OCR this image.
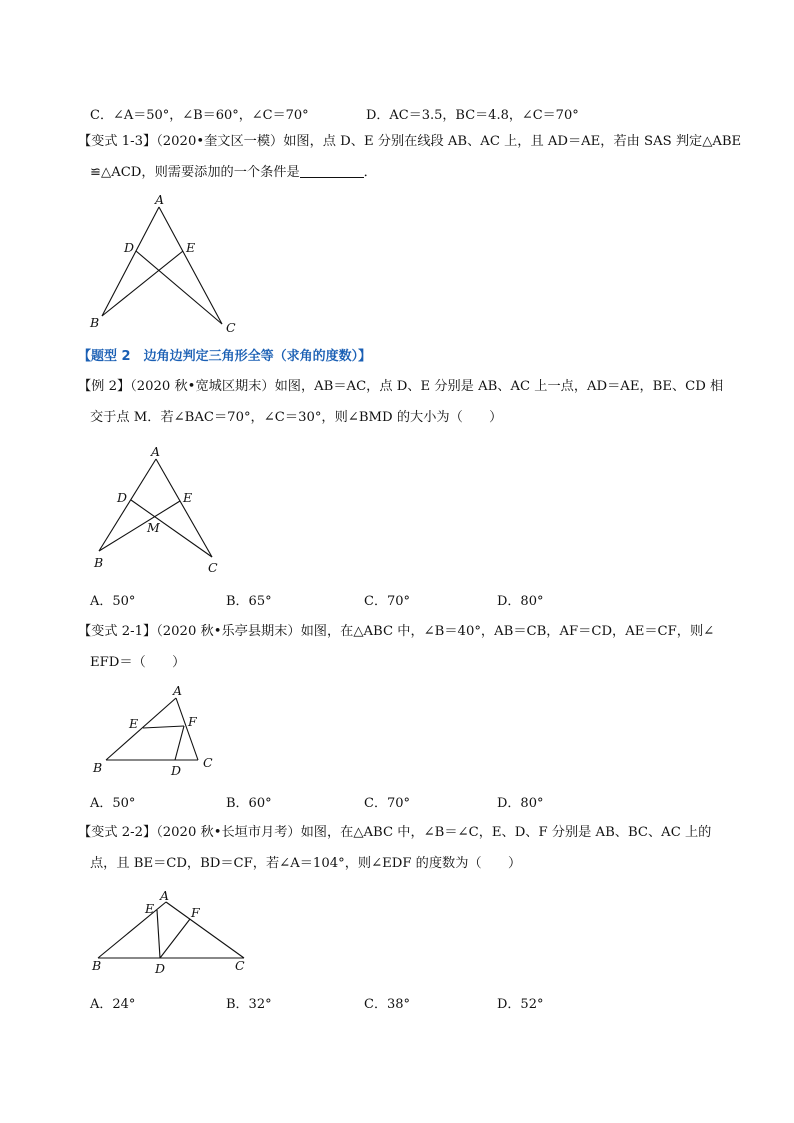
C．∠A＝50°，∠B＝60°，∠C＝70°	D．AC＝3.5，BC＝4.8，∠C＝70°
【变式 1-3】（2020•奎文区一模）如图，点 D、E 分别在线段 AB、AC 上，且 AD＝AE，若由 SAS 判定△ABE
≌△ACD，则需要添加的一个条件是	．
【题型 2　边角边判定三角形全等（求角的度数）】
【例 2】（2020 秋•宽城区期末）如图，AB＝AC，点 D、E 分别是 AB、AC 上一点，AD＝AE，BE、CD 相
交于点 M．若∠BAC＝70°，∠C＝30°，则∠BMD 的大小为（　　）
A．50°	B．65°	C．70°	D．80°
【变式 2-1】（2020 秋•乐亭县期末）如图，在△ABC 中，∠B＝40°，AB＝CB，AF＝CD，AE＝CF，则∠
EFD＝（　　）
A．50°	B．60°	C．70°	D．80°
【变式 2-2】（2020 秋•长垣市月考）如图，在△ABC 中，∠B＝∠C，E、D、F 分别是 AB、BC、AC 上的
点，且 BE＝CD，BD＝CF，若∠A＝104°，则∠EDF 的度数为（　　）
A．24°	B．32°	C．38°	D．52°
A
D	E
B	C
A
D	E
M
B	C
A
E	F
B	D
C
A
E	F
B	D	C
